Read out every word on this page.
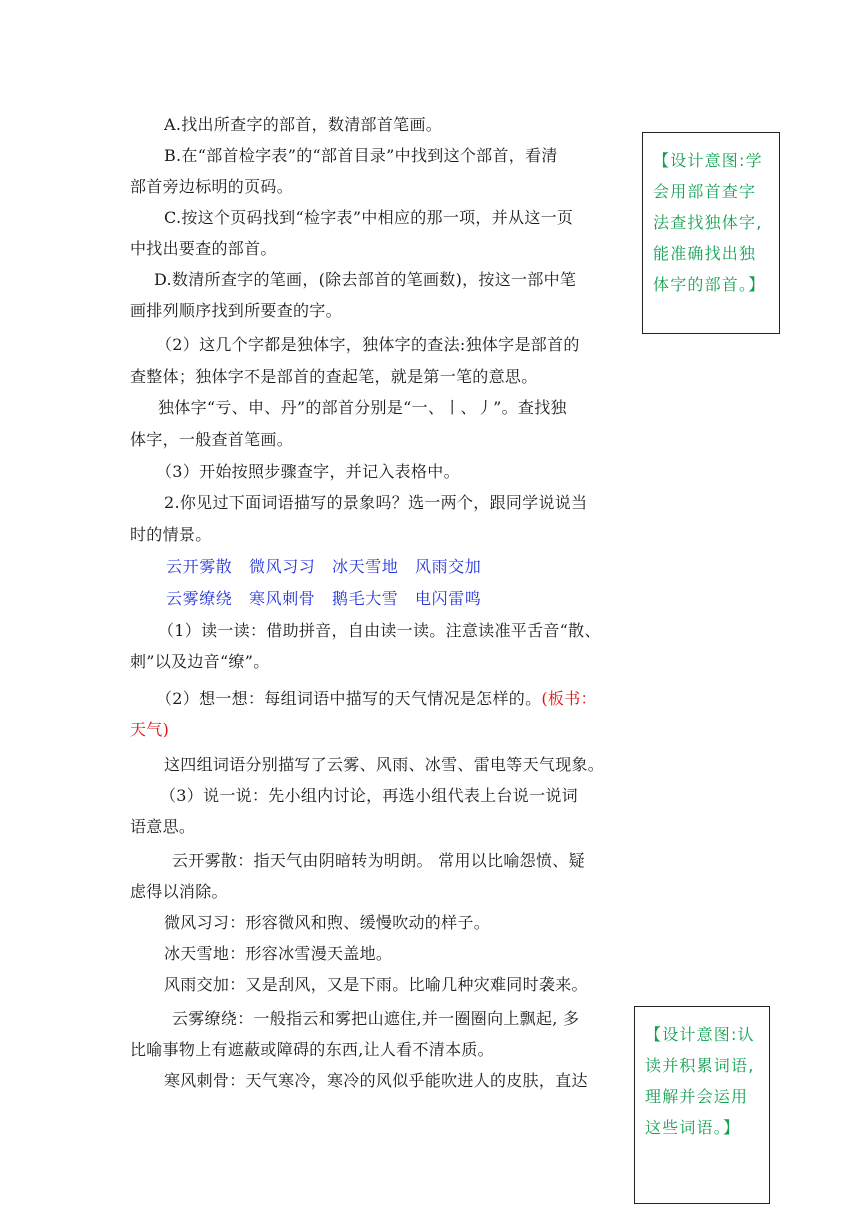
A.找出所查字的部首，数清部首笔画。
B.在“部首检字表”的“部首目录”中找到这个部首，看清
部首旁边标明的页码。
C.按这个页码找到“检字表”中相应的那一项，并从这一页
中找出要查的部首。
D.数清所查字的笔画，(除去部首的笔画数)，按这一部中笔
画排列顺序找到所要查的字。
（2）这几个字都是独体字，独体字的查法:独体字是部首的
查整体；独体字不是部首的查起笔，就是第一笔的意思。
独体字“亏、申、丹”的部首分别是“一、丨、丿”。查找独
体字，一般查首笔画。
（3）开始按照步骤查字，并记入表格中。
2.你见过下面词语描写的景象吗？选一两个，跟同学说说当
时的情景。
云开雾散　微风习习　冰天雪地　风雨交加
云雾缭绕　寒风刺骨　鹅毛大雪　电闪雷鸣
（1）读一读：借助拼音，自由读一读。注意读准平舌音“散、
刺”以及边音“缭”。
（2）想一想：每组词语中描写的天气情况是怎样的。(板书：
天气)
这四组词语分别描写了云雾、风雨、冰雪、雷电等天气现象。
（3）说一说：先小组内讨论，再选小组代表上台说一说词
语意思。
云开雾散：指天气由阴暗转为明朗。 常用以比喻怨愤、疑
虑得以消除。
微风习习：形容微风和煦、缓慢吹动的样子。
冰天雪地：形容冰雪漫天盖地。
风雨交加：又是刮风，又是下雨。比喻几种灾难同时袭来。
云雾缭绕：一般指云和雾把山遮住,并一圈圈向上飘起, 多
比喻事物上有遮蔽或障碍的东西,让人看不清本质。
寒风刺骨：天气寒冷，寒冷的风似乎能吹进人的皮肤，直达
【设计意图:学
会用部首查字
法查找独体字,
能准确找出独
体字的部首。】
【设计意图:认
读并积累词语,
理解并会运用
这些词语。】
